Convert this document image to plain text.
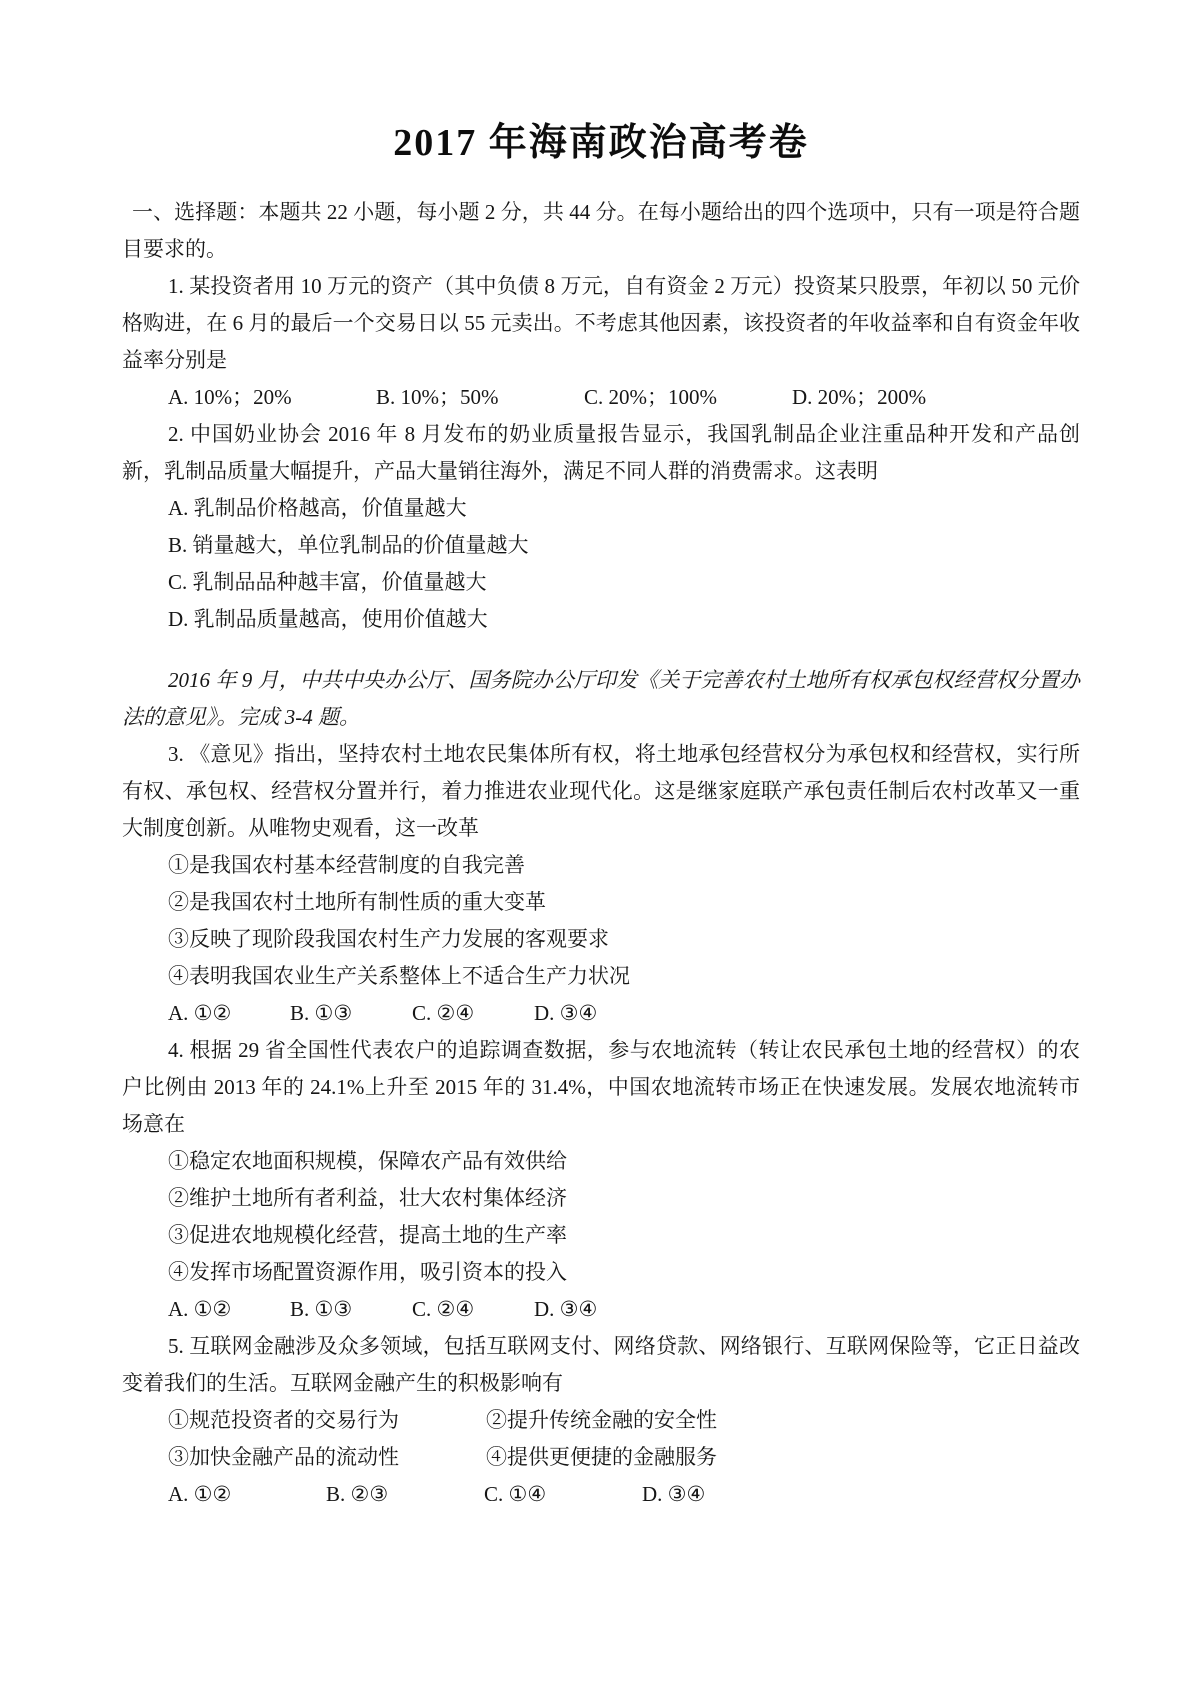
2017 年海南政治高考卷

一、选择题：本题共 22 小题，每小题 2 分，共 44 分。在每小题给出的四个选项中，只有一项是符合题目要求的。

1. 某投资者用 10 万元的资产（其中负债 8 万元，自有资金 2 万元）投资某只股票，年初以 50 元价格购进，在 6 月的最后一个交易日以 55 元卖出。不考虑其他因素，该投资者的年收益率和自有资金年收益率分别是

A. 10%；20%	B. 10%；50%	C. 20%；100%	D. 20%；200%

2. 中国奶业协会 2016 年 8 月发布的奶业质量报告显示，我国乳制品企业注重品种开发和产品创新，乳制品质量大幅提升，产品大量销往海外，满足不同人群的消费需求。这表明

A. 乳制品价格越高，价值量越大

B. 销量越大，单位乳制品的价值量越大

C. 乳制品品种越丰富，价值量越大

D. 乳制品质量越高，使用价值越大

2016 年 9 月，中共中央办公厅、国务院办公厅印发《关于完善农村土地所有权承包权经营权分置办法的意见》。完成 3-4 题。

3. 《意见》指出，坚持农村土地农民集体所有权，将土地承包经营权分为承包权和经营权，实行所有权、承包权、经营权分置并行，着力推进农业现代化。这是继家庭联产承包责任制后农村改革又一重大制度创新。从唯物史观看，这一改革

①是我国农村基本经营制度的自我完善

②是我国农村土地所有制性质的重大变革

③反映了现阶段我国农村生产力发展的客观要求

④表明我国农业生产关系整体上不适合生产力状况

A. ①②	B. ①③	C. ②④	D. ③④

4. 根据 29 省全国性代表农户的追踪调查数据，参与农地流转（转让农民承包土地的经营权）的农户比例由 2013 年的 24.1%上升至 2015 年的 31.4%，中国农地流转市场正在快速发展。发展农地流转市场意在

①稳定农地面积规模，保障农产品有效供给

②维护土地所有者利益，壮大农村集体经济

③促进农地规模化经营，提高土地的生产率

④发挥市场配置资源作用，吸引资本的投入

A. ①②	B. ①③	C. ②④	D. ③④

5. 互联网金融涉及众多领域，包括互联网支付、网络贷款、网络银行、互联网保险等，它正日益改变着我们的生活。互联网金融产生的积极影响有

①规范投资者的交易行为	②提升传统金融的安全性
③加快金融产品的流动性	④提供更便捷的金融服务
A. ①②	B. ②③	C. ①④	D. ③④
